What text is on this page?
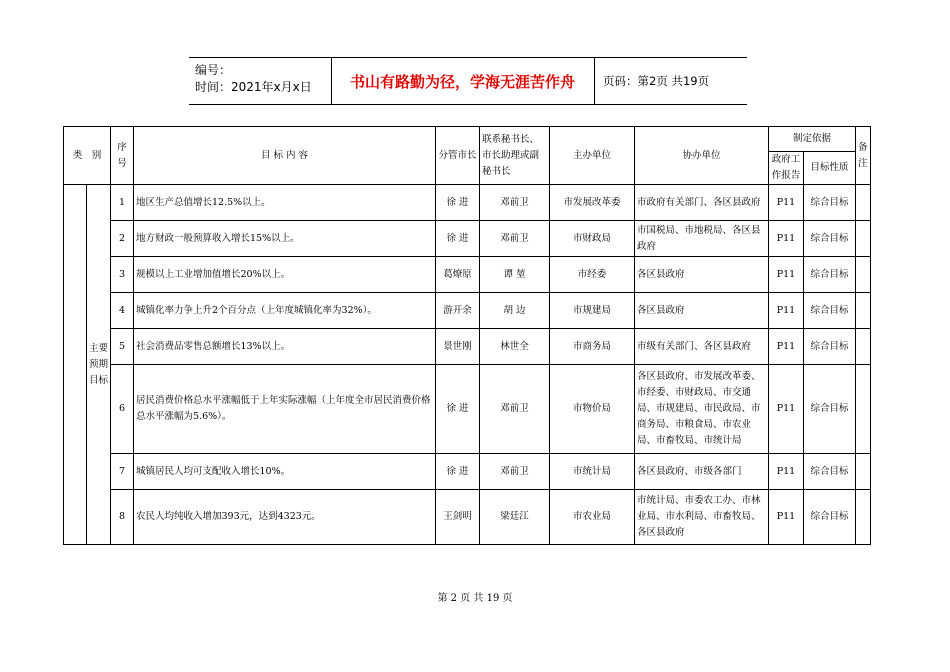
编号：
时间：2021年x月x日	书山有路勤为径，学海无涯苦作舟	页码：第2页 共19页
类　别		序号	目 标 内 容	分管市长	联系秘书长、市长助理或副秘书长	主办单位	协办单位	制定依据		备注
								政府工作报告	目标性质	
	主要预期目标	1	地区生产总值增长12.5%以上。	徐 进	邓前卫	市发展改革委	市政府有关部门、各区县政府	P11	综合目标	
		2	地方财政一般预算收入增长15%以上。	徐 进	邓前卫	市财政局	市国税局、市地税局、各区县政府	P11	综合目标	
		3	规模以上工业增加值增长20%以上。	葛燎原	谭 堃	市经委	各区县政府	P11	综合目标	
		4	城镇化率力争上升2个百分点（上年度城镇化率为32%）。	游开余	胡 边	市规建局	各区县政府	P11	综合目标	
		5	社会消费品零售总额增长13%以上。	景世刚	林世全	市商务局	市级有关部门、各区县政府	P11	综合目标	
		6	居民消费价格总水平涨幅低于上年实际涨幅（上年度全市居民消费价格总水平涨幅为5.6%）。	徐 进	邓前卫	市物价局	各区县政府、市发展改革委、市经委、市财政局、市交通局、市规建局、市民政局、市商务局、市粮食局、市农业局、市畜牧局、市统计局	P11	综合目标	
		7	城镇居民人均可支配收入增长10%。	徐 进	邓前卫	市统计局	各区县政府、市级各部门	P11	综合目标	
		8	农民人均纯收入增加393元，达到4323元。	王剑明	梁廷江	市农业局	市统计局、市委农工办、市林业局、市水利局、市畜牧局、各区县政府	P11	综合目标	
第 2 页 共 19 页
